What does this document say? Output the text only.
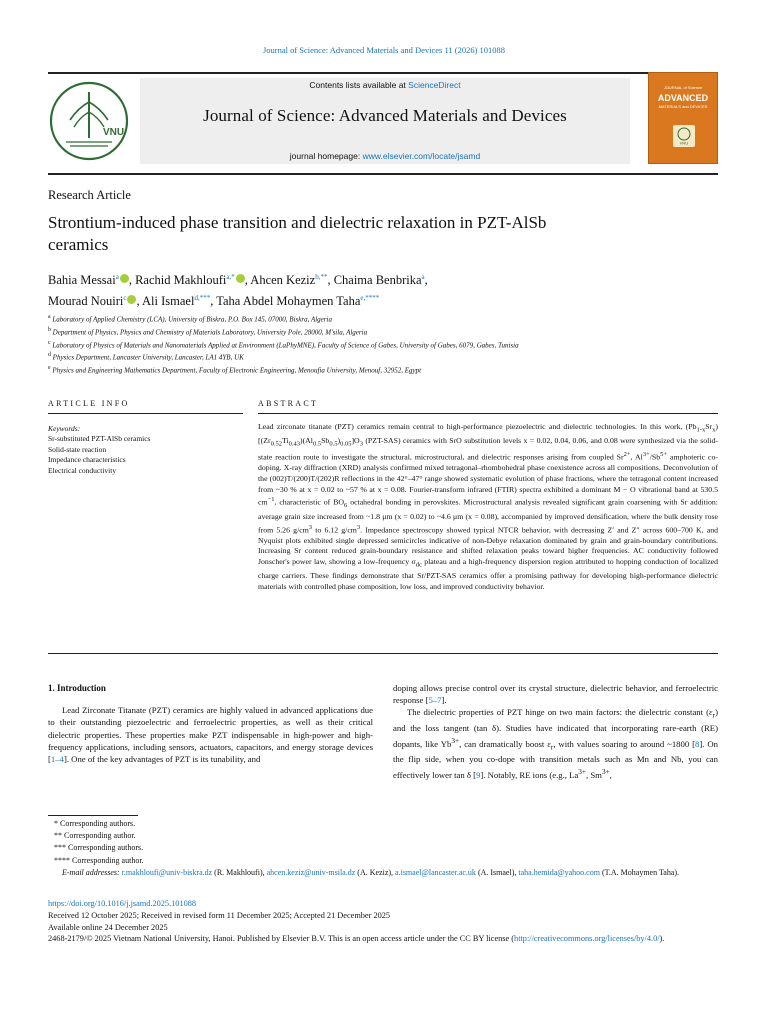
Journal of Science: Advanced Materials and Devices 11 (2026) 101088
VNU
Contents lists available at ScienceDirect
Journal of Science: Advanced Materials and Devices
journal homepage: www.elsevier.com/locate/jsamd
JOURNAL of Science
ADVANCED
MATERIALS and DEVICES
VNU
Research Article
Strontium-induced phase transition and dielectric relaxation in PZT-AlSb ceramics
Bahia Messai$^a$ , Rachid Makhloufi$^{a,*}$ , Ahcen Keziz$^{b,**}$, Chaima Benbrika$^a$,
Mourad Nouiri$^c$ , Ali Ismael$^{d,***}$, Taha Abdel Mohaymen Taha$^{e,****}$
$^a$ Laboratory of Applied Chemistry (LCA), University of Biskra, P.O. Box 145, 07000, Biskra, Algeria
$^b$ Department of Physics, Physics and Chemistry of Materials Laboratory, University Pole, 28000, M'sila, Algeria
$^c$ Laboratory of Physics of Materials and Nanomaterials Applied at Environment (LaPhyMNE), Faculty of Science of Gabes, University of Gabes, 6079, Gabes, Tunisia
$^d$ Physics Department, Lancaster University, Lancaster, LA1 4YB, UK
$^e$ Physics and Engineering Mathematics Department, Faculty of Electronic Engineering, Menoufia University, Menouf, 32952, Egypt
ARTICLE INFO	ABSTRACT
Keywords:
Sr-substituted PZT-AlSb ceramics
Solid-state reaction
Impedance characteristics
Electrical conductivity
Lead zirconate titanate (PZT) ceramics remain central to high-performance piezoelectric and dielectric technologies. In this work, $(Pb_{1-x}Sr_x)[(Zr_{0.52}Ti_{0.43})(Al_{0.5}Sb_{0.5})_{0.05}]O_3$ (PZT-SAS) ceramics with SrO substitution levels x = 0.02, 0.04, 0.06, and 0.08 were synthesized via the solid-state reaction route to investigate the structural, microstructural, and dielectric responses arising from coupled $Sr^{2+}$, $Al^{3+}/Sb^{5+}$ amphoteric co-doping. X-ray diffraction (XRD) analysis confirmed mixed tetragonal–rhombohedral phase coexistence across all compositions. Deconvolution of the (002)T/(200)T/(202)R reflections in the 42°–47° range showed systematic evolution of phase fractions, where the tetragonal content increased from ~30 % at x = 0.02 to ~57 % at x = 0.08. Fourier-transform infrared (FTIR) spectra exhibited a dominant M − O vibrational band at 530.5 $cm^{-1}$, characteristic of $BO_6$ octahedral bonding in perovskites. Microstructural analysis revealed significant grain coarsening with Sr addition: average grain size increased from ~1.8 μm (x = 0.02) to ~4.6 μm (x = 0.08), accompanied by improved densification, where the bulk density rose from 5.26 $g/cm^3$ to 6.12 $g/cm^3$. Impedance spectroscopy showed typical NTCR behavior, with decreasing Z′ and Z″ across 600–700 K, and Nyquist plots exhibited single depressed semicircles indicative of non-Debye relaxation dominated by grain and grain-boundary contributions. Increasing Sr content reduced grain-boundary resistance and shifted relaxation peaks toward higher frequencies. AC conductivity followed Jonscher's power law, showing a low-frequency $\sigma_{dc}$ plateau and a high-frequency dispersion region attributed to hopping conduction of localized charge carriers. These findings demonstrate that Sr/PZT-SAS ceramics offer a promising pathway for developing high-performance dielectric materials with controlled phase composition, low loss, and improved conductivity behavior.
1. Introduction

Lead Zirconate Titanate (PZT) ceramics are highly valued in advanced applications due to their outstanding piezoelectric and ferroelectric properties, as well as their critical dielectric properties. These properties make PZT indispensable in high-power and high-frequency applications, including sensors, actuators, capacitors, and energy storage devices [1–4]. One of the key advantages of PZT is its tunability, and

doping allows precise control over its crystal structure, dielectric behavior, and ferroelectric response [5–7].

The dielectric properties of PZT hinge on two main factors: the dielectric constant $(\varepsilon_r)$ and the loss tangent (tan δ). Studies have indicated that incorporating rare-earth (RE) dopants, like $Yb^{3+}$, can dramatically boost $\varepsilon_r$, with values soaring to around ~1800 [8]. On the flip side, when you co-dope with transition metals such as Mn and Nb, you can effectively lower tan δ [9]. Notably, RE ions (e.g., $La^{3+}$, $Sm^{3+}$,

* Corresponding authors.
** Corresponding author.
*** Corresponding authors.
**** Corresponding author.
E-mail addresses: r.makhloufi@univ-biskra.dz (R. Makhloufi), ahcen.keziz@univ-msila.dz (A. Keziz), a.ismael@lancaster.ac.uk (A. Ismael), taha.hemida@yahoo.com (T.A. Mohaymen Taha).
https://doi.org/10.1016/j.jsamd.2025.101088
Received 12 October 2025; Received in revised form 11 December 2025; Accepted 21 December 2025
Available online 24 December 2025
2468-2179/© 2025 Vietnam National University, Hanoi. Published by Elsevier B.V. This is an open access article under the CC BY license (http://creativecommons.org/licenses/by/4.0/).
